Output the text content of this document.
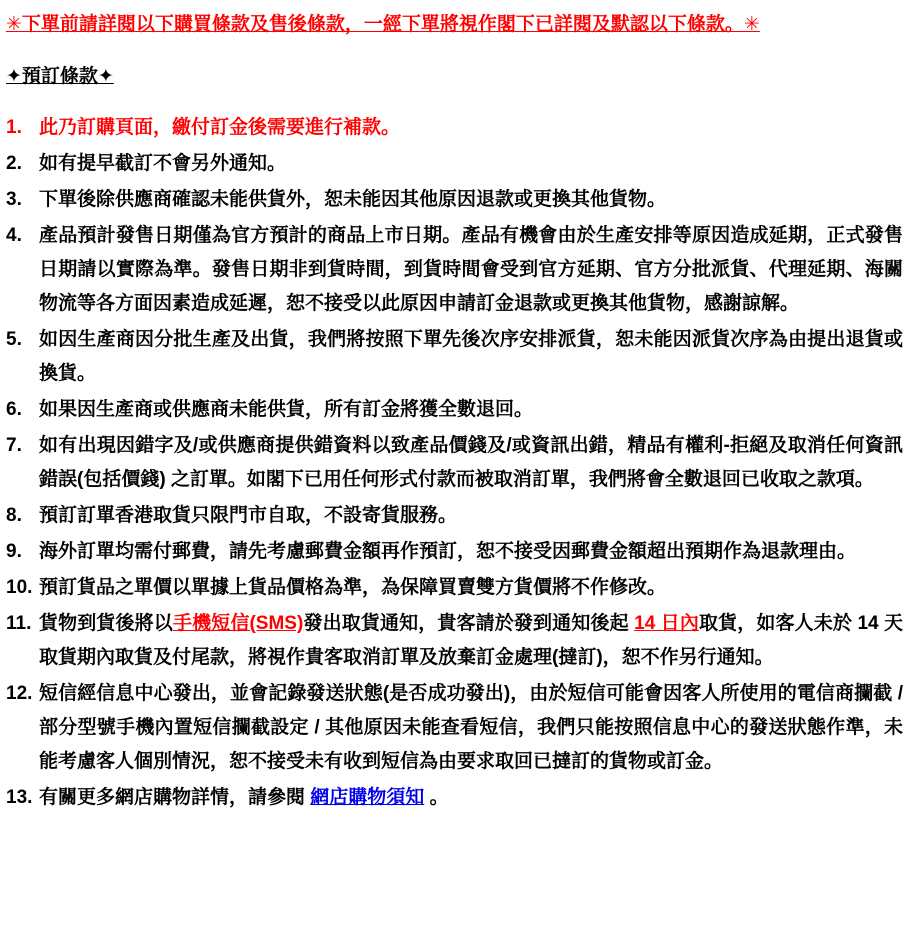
✳下單前請詳閱以下購買條款及售後條款，一經下單將視作閣下已詳閱及默認以下條款。✳

✦預訂條款✦

1. 此乃訂購頁面，繳付訂金後需要進行補款。
2. 如有提早截訂不會另外通知。
3. 下單後除供應商確認未能供貨外，恕未能因其他原因退款或更換其他貨物。
4. 產品預計發售日期僅為官方預計的商品上市日期。產品有機會由於生產安排等原因造成延期，正式發售日期請以實際為準。發售日期非到貨時間，到貨時間會受到官方延期、官方分批派貨、代理延期、海關物流等各方面因素造成延遲，恕不接受以此原因申請訂金退款或更換其他貨物，感謝諒解。
5. 如因生產商因分批生產及出貨，我們將按照下單先後次序安排派貨，恕未能因派貨次序為由提出退貨或換貨。
6. 如果因生產商或供應商未能供貨，所有訂金將獲全數退回。
7. 如有出現因錯字及/或供應商提供錯資料以致產品價錢及/或資訊出錯，精品有權利-拒絕及取消任何資訊錯誤(包括價錢) 之訂單。如閣下已用任何形式付款而被取消訂單，我們將會全數退回已收取之款項。
8. 預訂訂單香港取貨只限門市自取，不設寄貨服務。
9. 海外訂單均需付郵費，請先考慮郵費金額再作預訂，恕不接受因郵費金額超出預期作為退款理由。
10. 預訂貨品之單價以單據上貨品價格為準，為保障買賣雙方貨價將不作修改。
11. 貨物到貨後將以手機短信(SMS)發出取貨通知，貴客請於發到通知後起 14 日內取貨，如客人未於 14 天取貨期內取貨及付尾款，將視作貴客取消訂單及放棄訂金處理(撻訂)，恕不作另行通知。
12. 短信經信息中心發出，並會記錄發送狀態(是否成功發出)，由於短信可能會因客人所使用的電信商攔截 / 部分型號手機內置短信攔截設定 / 其他原因未能查看短信，我們只能按照信息中心的發送狀態作準，未能考慮客人個別情況，恕不接受未有收到短信為由要求取回已撻訂的貨物或訂金。
13. 有關更多網店購物詳情，請參閱 網店購物須知 。
